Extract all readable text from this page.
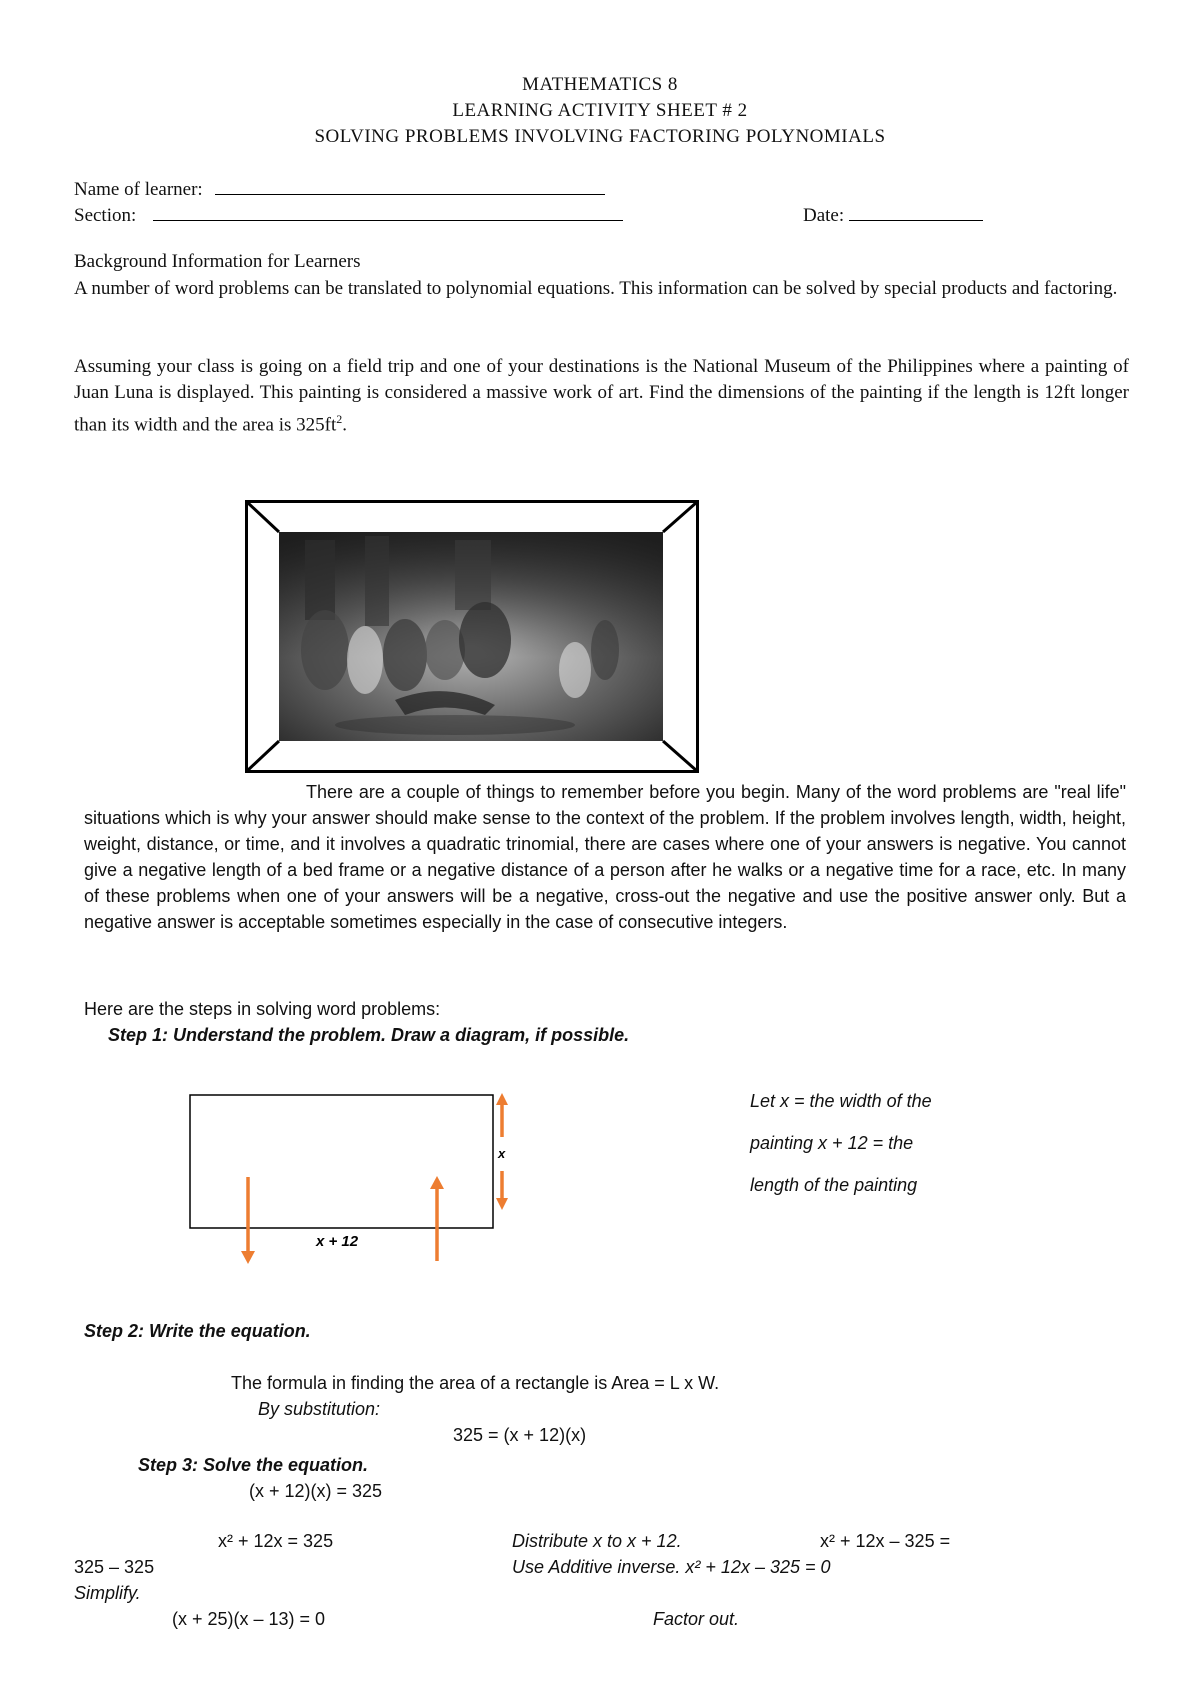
MATHEMATICS 8
LEARNING ACTIVITY SHEET # 2
SOLVING PROBLEMS INVOLVING FACTORING POLYNOMIALS
Name of learner:
Section:	Date:
Background Information for Learners
A number of word problems can be translated to polynomial equations. This information can be solved by special products and factoring.
Assuming your class is going on a field trip and one of your destinations is the National Museum of the Philippines where a painting of Juan Luna is displayed. This painting is considered a massive work of art. Find the dimensions of the painting if the length is 12ft longer than its width and the area is $325ft^2$.
There are a couple of things to remember before you begin. Many of the word problems are "real life" situations which is why your answer should make sense to the context of the problem. If the problem involves length, width, height, weight, distance, or time, and it involves a quadratic trinomial, there are cases where one of your answers is negative. You cannot give a negative length of a bed frame or a negative distance of a person after he walks or a negative time for a race, etc. In many of these problems when one of your answers will be a negative, cross-out the negative and use the positive answer only. But a negative answer is acceptable sometimes especially in the case of consecutive integers.
Here are the steps in solving word problems:
Step 1: Understand the problem. Draw a diagram, if possible.
x
x + 12
Let x = the width of the
painting x + 12 = the
length of the painting
Step 2: Write the equation.
The formula in finding the area of a rectangle is Area = L x W.
By substitution:
325 = (x + 12)(x)
Step 3: Solve the equation.
(x + 12)(x) = 325
x² + 12x = 325	Distribute x to x + 12.	x² + 12x – 325 =
325 – 325	Use Additive inverse. x² + 12x – 325 = 0
Simplify.
(x + 25)(x – 13) = 0	Factor out.
